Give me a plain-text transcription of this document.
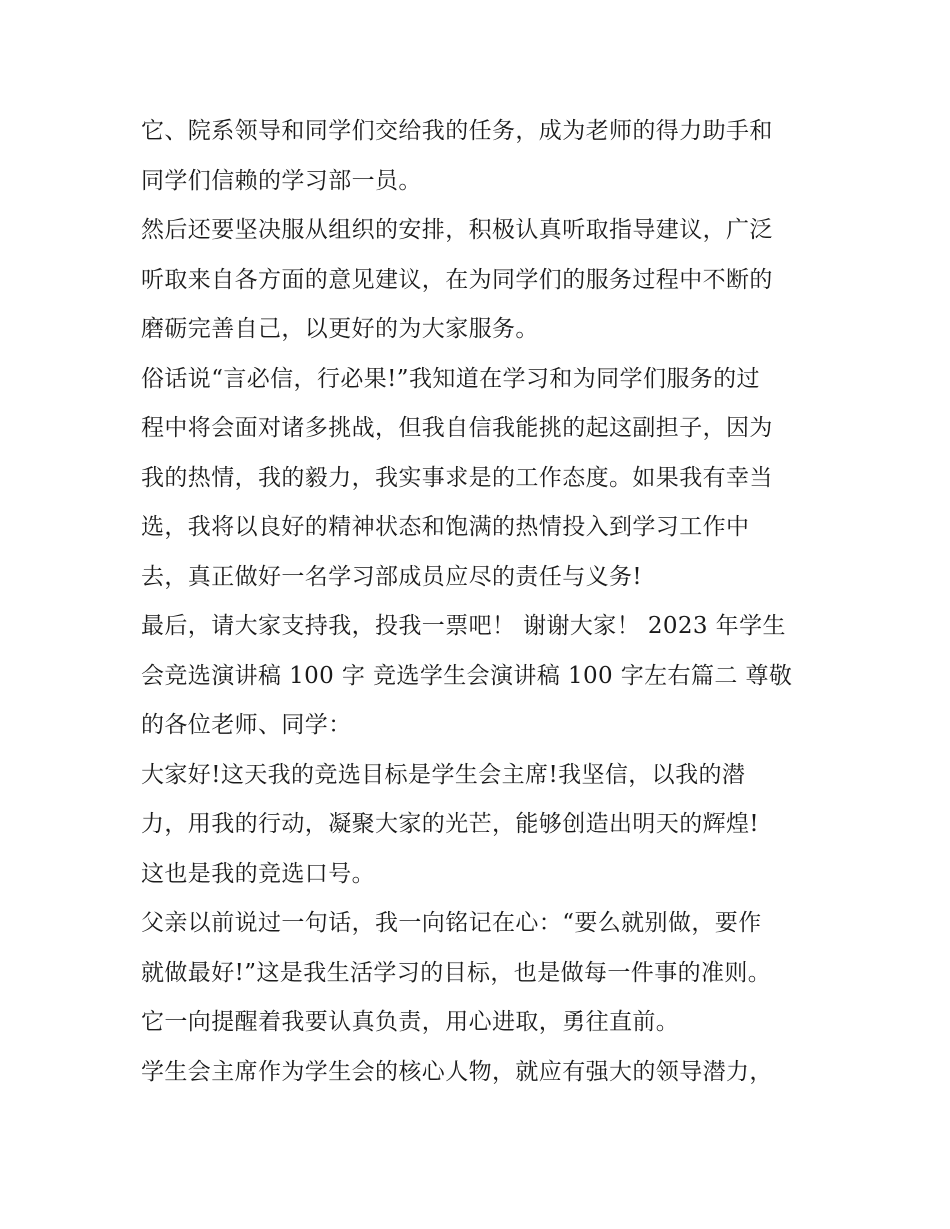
它、院系领导和同学们交给我的任务，成为老师的得力助手和
同学们信赖的学习部一员。
然后还要坚决服从组织的安排，积极认真听取指导建议，广泛
听取来自各方面的意见建议，在为同学们的服务过程中不断的
磨砺完善自己，以更好的为大家服务。
俗话说“言必信，行必果!”我知道在学习和为同学们服务的过
程中将会面对诸多挑战，但我自信我能挑的起这副担子，因为
我的热情，我的毅力，我实事求是的工作态度。如果我有幸当
选，我将以良好的精神状态和饱满的热情投入到学习工作中
去，真正做好一名学习部成员应尽的责任与义务!
最后，请大家支持我，投我一票吧！ 谢谢大家！ 2023 年学生
会竞选演讲稿 100 字 竞选学生会演讲稿 100 字左右篇二 尊敬
的各位老师、同学：
大家好!这天我的竞选目标是学生会主席!我坚信，以我的潜
力，用我的行动，凝聚大家的光芒，能够创造出明天的辉煌!
这也是我的竞选口号。
父亲以前说过一句话，我一向铭记在心：“要么就别做，要作
就做最好!”这是我生活学习的目标，也是做每一件事的准则。
它一向提醒着我要认真负责，用心进取，勇往直前。
学生会主席作为学生会的核心人物，就应有强大的领导潜力，
